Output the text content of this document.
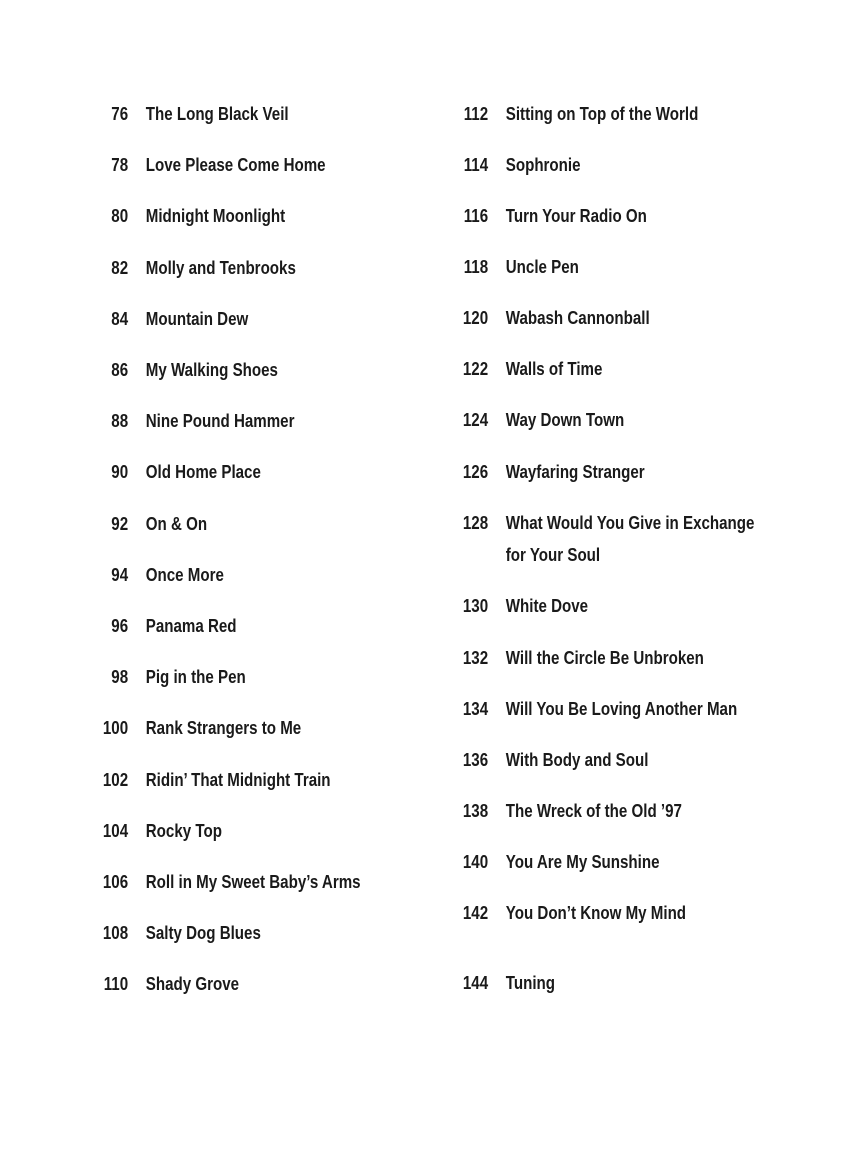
76 The Long Black Veil
78 Love Please Come Home
80 Midnight Moonlight
82 Molly and Tenbrooks
84 Mountain Dew
86 My Walking Shoes
88 Nine Pound Hammer
90 Old Home Place
92 On & On
94 Once More
96 Panama Red
98 Pig in the Pen
100 Rank Strangers to Me
102 Ridin’ That Midnight Train
104 Rocky Top
106 Roll in My Sweet Baby’s Arms
108 Salty Dog Blues
110 Shady Grove
112 Sitting on Top of the World
114 Sophronie
116 Turn Your Radio On
118 Uncle Pen
120 Wabash Cannonball
122 Walls of Time
124 Way Down Town
126 Wayfaring Stranger
128 What Would You Give in Exchange
for Your Soul
130 White Dove
132 Will the Circle Be Unbroken
134 Will You Be Loving Another Man
136 With Body and Soul
138 The Wreck of the Old ’97
140 You Are My Sunshine
142 You Don’t Know My Mind
144 Tuning
